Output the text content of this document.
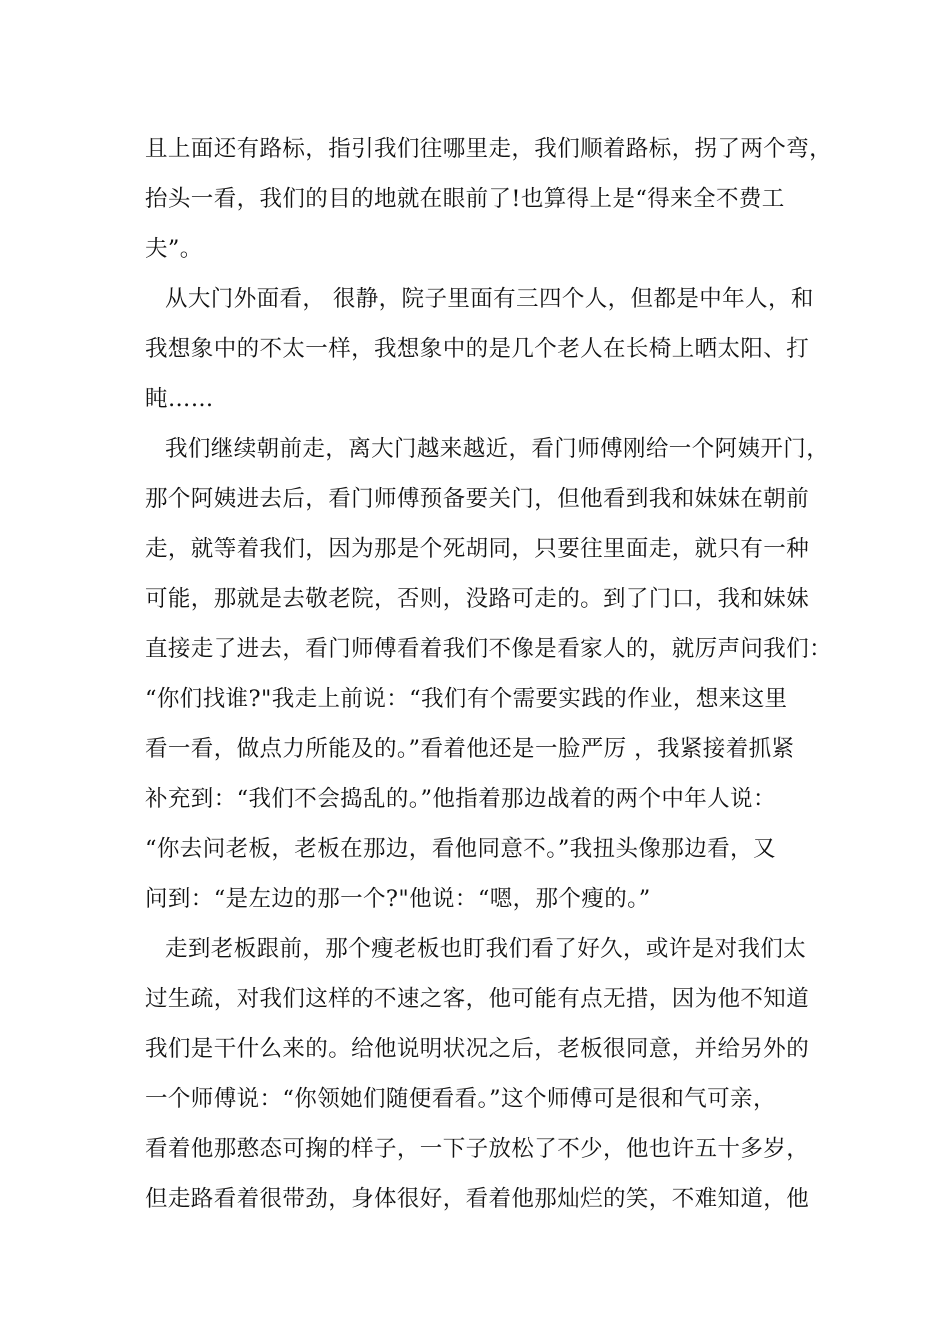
且上面还有路标，指引我们往哪里走，我们顺着路标，拐了两个弯，
抬头一看，我们的目的地就在眼前了!也算得上是“得来全不费工
夫”。
从大门外面看， 很静，院子里面有三四个人，但都是中年人，和
我想象中的不太一样，我想象中的是几个老人在长椅上晒太阳、打
盹……
我们继续朝前走，离大门越来越近，看门师傅刚给一个阿姨开门，
那个阿姨进去后，看门师傅预备要关门，但他看到我和妹妹在朝前
走，就等着我们，因为那是个死胡同，只要往里面走，就只有一种
可能，那就是去敬老院，否则，没路可走的。到了门口，我和妹妹
直接走了进去，看门师傅看着我们不像是看家人的，就厉声问我们：
“你们找谁?"我走上前说：“我们有个需要实践的作业，想来这里
看一看，做点力所能及的。”看着他还是一脸严厉 ，我紧接着抓紧
补充到：“我们不会捣乱的。”他指着那边战着的两个中年人说：
“你去问老板，老板在那边，看他同意不。”我扭头像那边看，又
问到：“是左边的那一个?"他说：“嗯，那个瘦的。”
走到老板跟前，那个瘦老板也盯我们看了好久，或许是对我们太
过生疏，对我们这样的不速之客，他可能有点无措，因为他不知道
我们是干什么来的。给他说明状况之后，老板很同意，并给另外的
一个师傅说：“你领她们随便看看。”这个师傅可是很和气可亲，
看着他那憨态可掬的样子，一下子放松了不少，他也许五十多岁，
但走路看着很带劲，身体很好，看着他那灿烂的笑，不难知道，他
